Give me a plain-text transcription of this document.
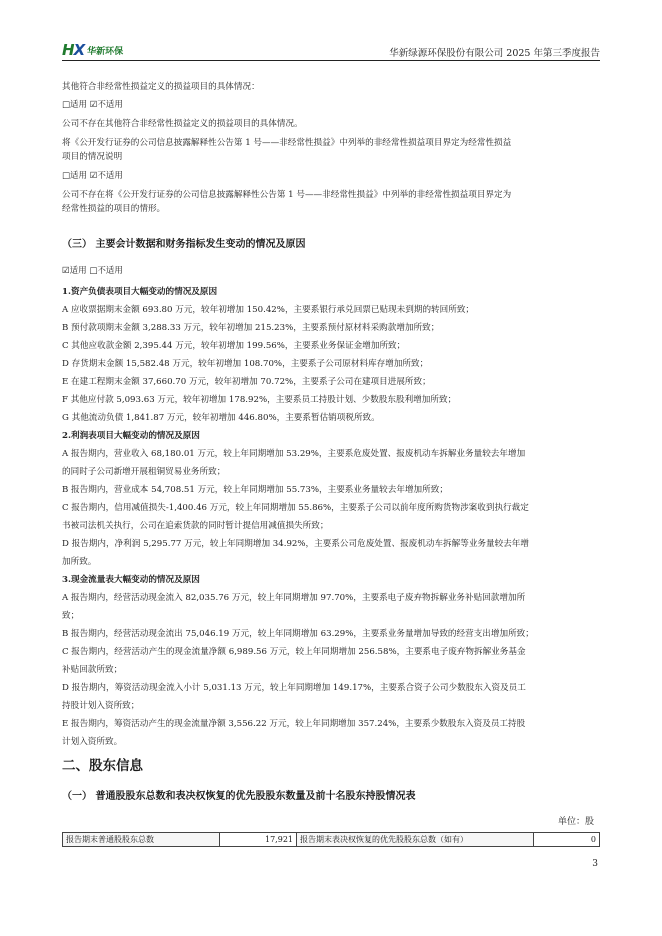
HX 华新环保	华新绿源环保股份有限公司 2025 年第三季度报告
其他符合非经常性损益定义的损益项目的具体情况：
□适用 ☑不适用
公司不存在其他符合非经常性损益定义的损益项目的具体情况。
将《公开发行证券的公司信息披露解释性公告第 1 号——非经常性损益》中列举的非经常性损益项目界定为经常性损益
项目的情况说明
□适用 ☑不适用
公司不存在将《公开发行证券的公司信息披露解释性公告第 1 号——非经常性损益》中列举的非经常性损益项目界定为
经常性损益的项目的情形。
（三） 主要会计数据和财务指标发生变动的情况及原因
☑适用 □不适用
1.资产负债表项目大幅变动的情况及原因
A 应收票据期末金额 693.80 万元，较年初增加 150.42%，主要系银行承兑回票已贴现未到期的转回所致；
B 预付款项期末金额 3,288.33 万元，较年初增加 215.23%，主要系预付原材料采购款增加所致；
C 其他应收款金额 2,395.44 万元，较年初增加 199.56%，主要系业务保证金增加所致；
D 存货期末金额 15,582.48 万元，较年初增加 108.70%，主要系子公司原材料库存增加所致；
E 在建工程期末金额 37,660.70 万元，较年初增加 70.72%，主要系子公司在建项目进展所致；
F 其他应付款 5,093.63 万元，较年初增加 178.92%，主要系员工持股计划、少数股东股利增加所致；
G 其他流动负债 1,841.87 万元，较年初增加 446.80%，主要系暂估销项税所致。
2.利润表项目大幅变动的情况及原因
A 报告期内，营业收入 68,180.01 万元，较上年同期增加 53.29%，主要系危废处置、报废机动车拆解业务量较去年增加
的同时子公司新增开展租铜贸易业务所致；
B 报告期内，营业成本 54,708.51 万元，较上年同期增加 55.73%，主要系业务量较去年增加所致；
C 报告期内，信用减值损失-1,400.46 万元，较上年同期增加 55.86%，主要系子公司以前年度所购货物涉案收到执行裁定
书被司法机关执行，公司在追索货款的同时暂计提信用减值损失所致；
D 报告期内，净利润 5,295.77 万元，较上年同期增加 34.92%，主要系公司危废处置、报废机动车拆解等业务量较去年增
加所致。
3.现金流量表大幅变动的情况及原因
A 报告期内，经营活动现金流入 82,035.76 万元，较上年同期增加 97.70%，主要系电子废弃物拆解业务补贴回款增加所
致；
B 报告期内，经营活动现金流出 75,046.19 万元，较上年同期增加 63.29%，主要系业务量增加导致的经营支出增加所致；
C 报告期内，经营活动产生的现金流量净额 6,989.56 万元，较上年同期增加 256.58%，主要系电子废弃物拆解业务基金
补贴回款所致；
D 报告期内，筹资活动现金流入小计 5,031.13 万元，较上年同期增加 149.17%，主要系合资子公司少数股东入资及员工
持股计划入资所致；
E 报告期内，筹资活动产生的现金流量净额 3,556.22 万元，较上年同期增加 357.24%，主要系少数股东入资及员工持股
计划入资所致。
二、股东信息
（一） 普通股股东总数和表决权恢复的优先股股东数量及前十名股东持股情况表
单位：股
报告期末普通股股东总数	17,921	报告期末表决权恢复的优先股股东总数（如有）	0
3
